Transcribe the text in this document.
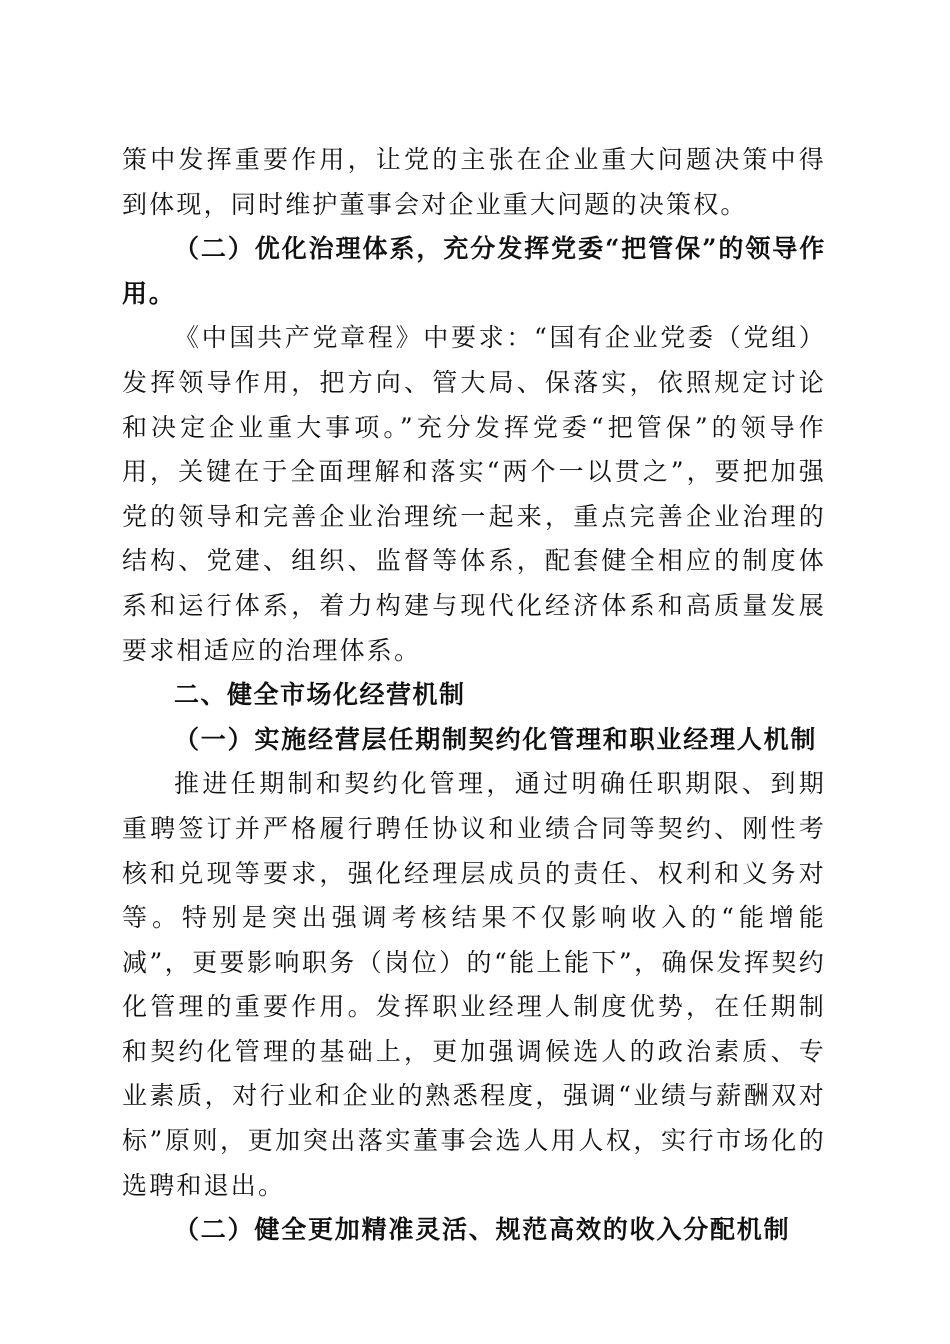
策中发挥重要作用，让党的主张在企业重大问题决策中得到体现，同时维护董事会对企业重大问题的决策权。

（二）优化治理体系，充分发挥党委“把管保”的领导作用。

《中国共产党章程》中要求：“国有企业党委（党组）发挥领导作用，把方向、管大局、保落实，依照规定讨论和决定企业重大事项。”充分发挥党委“把管保”的领导作用，关键在于全面理解和落实“两个一以贯之”，要把加强党的领导和完善企业治理统一起来，重点完善企业治理的结构、党建、组织、监督等体系，配套健全相应的制度体系和运行体系，着力构建与现代化经济体系和高质量发展要求相适应的治理体系。

二、健全市场化经营机制

（一）实施经营层任期制契约化管理和职业经理人机制

推进任期制和契约化管理，通过明确任职期限、到期重聘签订并严格履行聘任协议和业绩合同等契约、刚性考核和兑现等要求，强化经理层成员的责任、权利和义务对等。特别是突出强调考核结果不仅影响收入的“能增能减”，更要影响职务（岗位）的“能上能下”，确保发挥契约化管理的重要作用。发挥职业经理人制度优势，在任期制和契约化管理的基础上，更加强调候选人的政治素质、专业素质，对行业和企业的熟悉程度，强调“业绩与薪酬双对标”原则，更加突出落实董事会选人用人权，实行市场化的选聘和退出。

（二）健全更加精准灵活、规范高效的收入分配机制
